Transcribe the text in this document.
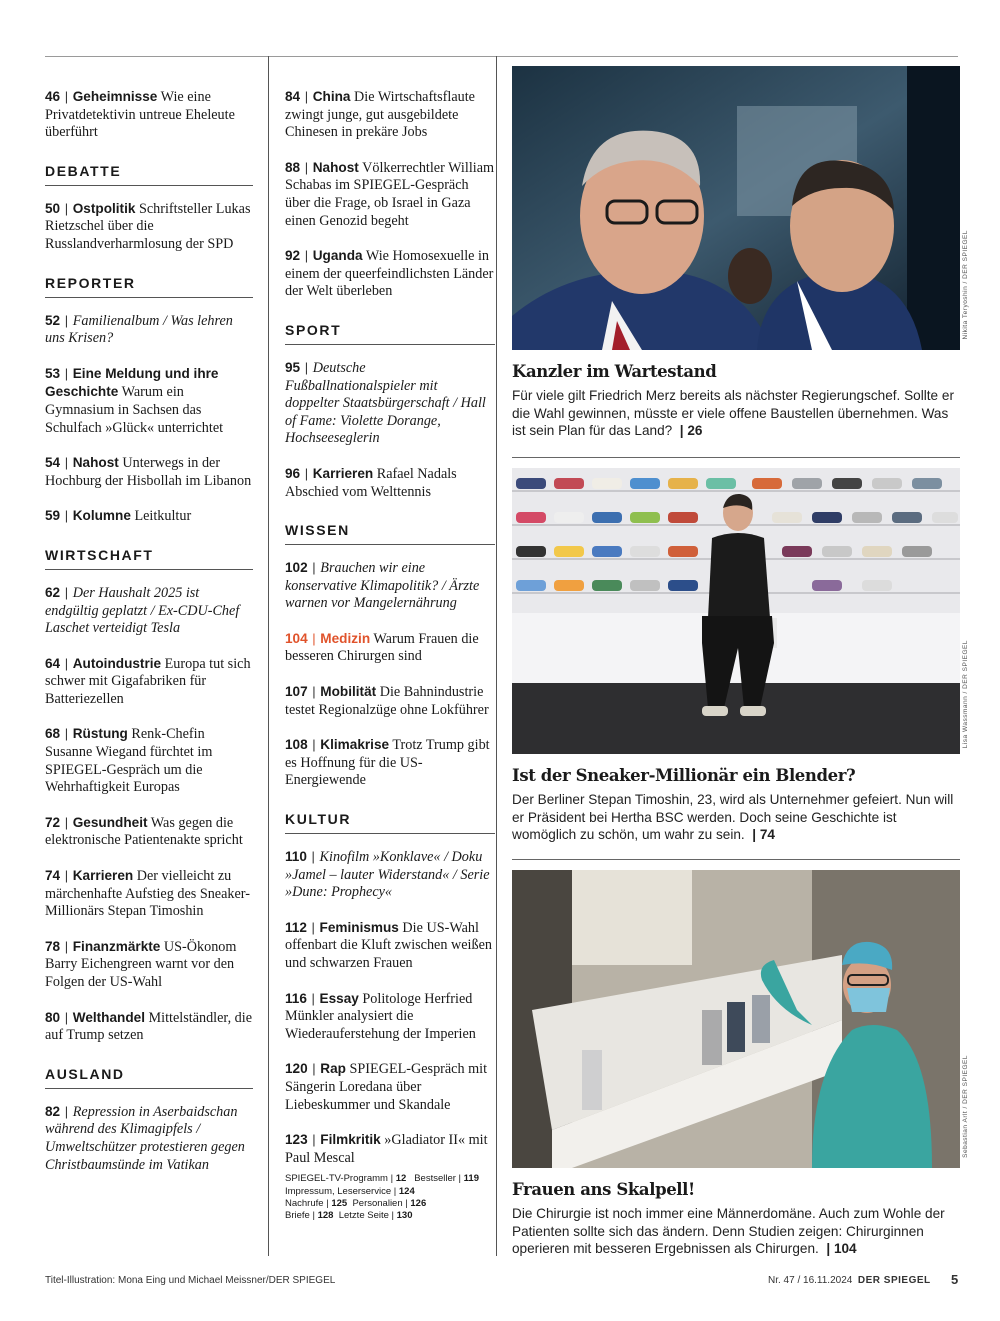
46 | Geheimnisse Wie eine Privatdetektivin untreue Eheleute überführt
DEBATTE
50 | Ostpolitik Schriftsteller Lukas Rietzschel über die Russlandverharmlosung der SPD
REPORTER
52 | Familienalbum / Was lehren uns Krisen?
53 | Eine Meldung und ihre Geschichte Warum ein Gymnasium in Sachsen das Schulfach »Glück« unterrichtet
54 | Nahost Unterwegs in der Hochburg der Hisbollah im Libanon
59 | Kolumne Leitkultur
WIRTSCHAFT
62 | Der Haushalt 2025 ist endgültig geplatzt / Ex-CDU-Chef Laschet verteidigt Tesla
64 | Autoindustrie Europa tut sich schwer mit Gigafabriken für Batteriezellen
68 | Rüstung Renk-Chefin Susanne Wiegand fürchtet im SPIEGEL-Gespräch um die Wehrhaftigkeit Europas
72 | Gesundheit Was gegen die elektronische Patientenakte spricht
74 | Karrieren Der vielleicht zu märchenhafte Aufstieg des Sneaker-Millionärs Stepan Timoshin
78 | Finanzmärkte US-Ökonom Barry Eichengreen warnt vor den Folgen der US-Wahl
80 | Welthandel Mittelständler, die auf Trump setzen
AUSLAND
82 | Repression in Aserbaidschan während des Klimagipfels / Umweltschützer protestieren gegen Christbaumsünde im Vatikan
84 | China Die Wirtschaftsflaute zwingt junge, gut ausgebildete Chinesen in prekäre Jobs
88 | Nahost Völkerrechtler William Schabas im SPIEGEL-Gespräch über die Frage, ob Israel in Gaza einen Genozid begeht
92 | Uganda Wie Homosexuelle in einem der queerfeindlichsten Länder der Welt überleben
SPORT
95 | Deutsche Fußballnationalspieler mit doppelter Staatsbürgerschaft / Hall of Fame: Violette Dorange, Hochseeseglerin
96 | Karrieren Rafael Nadals Abschied vom Welttennis
WISSEN
102 | Brauchen wir eine konservative Klimapolitik? / Ärzte warnen vor Mangelernährung
104 | Medizin Warum Frauen die besseren Chirurgen sind
107 | Mobilität Die Bahnindustrie testet Regionalzüge ohne Lokführer
108 | Klimakrise Trotz Trump gibt es Hoffnung für die US-Energiewende
KULTUR
110 | Kinofilm »Konklave« / Doku »Jamel – lauter Widerstand« / Serie »Dune: Prophecy«
112 | Feminismus Die US-Wahl offenbart die Kluft zwischen weißen und schwarzen Frauen
116 | Essay Politologe Herfried Münkler analysiert die Wiederauferstehung der Imperien
120 | Rap SPIEGEL-Gespräch mit Sängerin Loredana über Liebeskummer und Skandale
123 | Filmkritik »Gladiator II« mit Paul Mescal
SPIEGEL-TV-Programm | 12 Bestseller | 119
Impressum, Leserservice | 124
Nachrufe | 125 Personalien | 126
Briefe | 128 Letzte Seite | 130
Kanzler im Wartestand
Für viele gilt Friedrich Merz bereits als nächster Regierungschef. Sollte er die Wahl gewinnen, müsste er viele offene Baustellen übernehmen. Was ist sein Plan für das Land? | 26
Nikita Teryoshin / DER SPIEGEL
Ist der Sneaker-Millionär ein Blender?
Der Berliner Stepan Timoshin, 23, wird als Unternehmer gefeiert. Nun will er Präsident bei Hertha BSC werden. Doch seine Geschichte ist womöglich zu schön, um wahr zu sein. | 74
Lisa Wassmann / DER SPIEGEL
Frauen ans Skalpell!
Die Chirurgie ist noch immer eine Männerdomäne. Auch zum Wohle der Patienten sollte sich das ändern. Denn Studien zeigen: Chirurginnen operieren mit besseren Ergebnissen als Chirurgen. | 104
Sebastian Arlt / DER SPIEGEL
Titel-Illustration: Mona Eing und Michael Meissner/DER SPIEGEL	Nr. 47 / 16.11.2024 DER SPIEGEL 5
